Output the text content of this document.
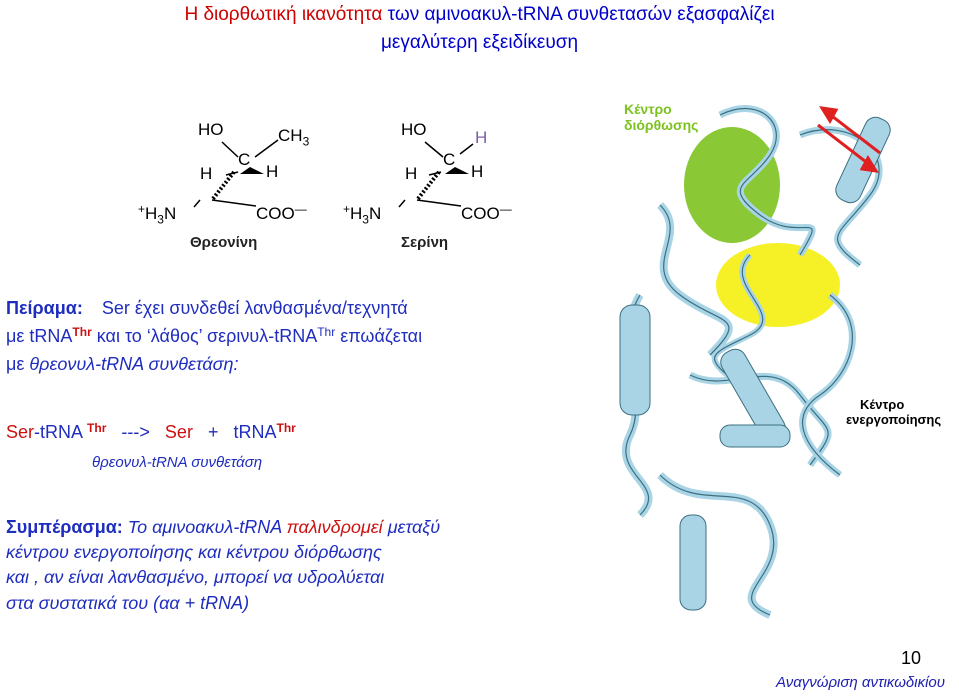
Η διορθωτική ικανότητα των αμινοακυλ-tRNA συνθετασών εξασφαλίζει
μεγαλύτερη εξειδίκευση
HO	$CH_3$
C
H	H
$^+H_3N$	COO—
Θρεονίνη
HO	H
C
H	H
$^+H_3N$	COO—
Σερίνη
Πείραμα: Ser έχει συνδεθεί λανθασμένα/τεχνητά
με tRNA$^{Thr}$ και το ‘λάθος’ σερινυλ-tRNA$^{Thr}$ επωάζεται
με θρεονυλ-tRNA συνθετάση:
Ser-tRNA $^{Thr}$ ---> Ser + tRNA$^{Thr}$
θρεονυλ-tRNA συνθετάση
Συμπέρασμα: Το αμινοακυλ-tRNA παλινδρομεί μεταξύ
κέντρου ενεργοποίησης και κέντρου διόρθωσης
και , αν είναι λανθασμένο, μπορεί να υδρολύεται
στα συστατικά του (αα + tRNA)
Κέντρο
διόρθωσης
Κέντρο
ενεργοποίησης
10
Αναγνώριση αντικωδικίου
